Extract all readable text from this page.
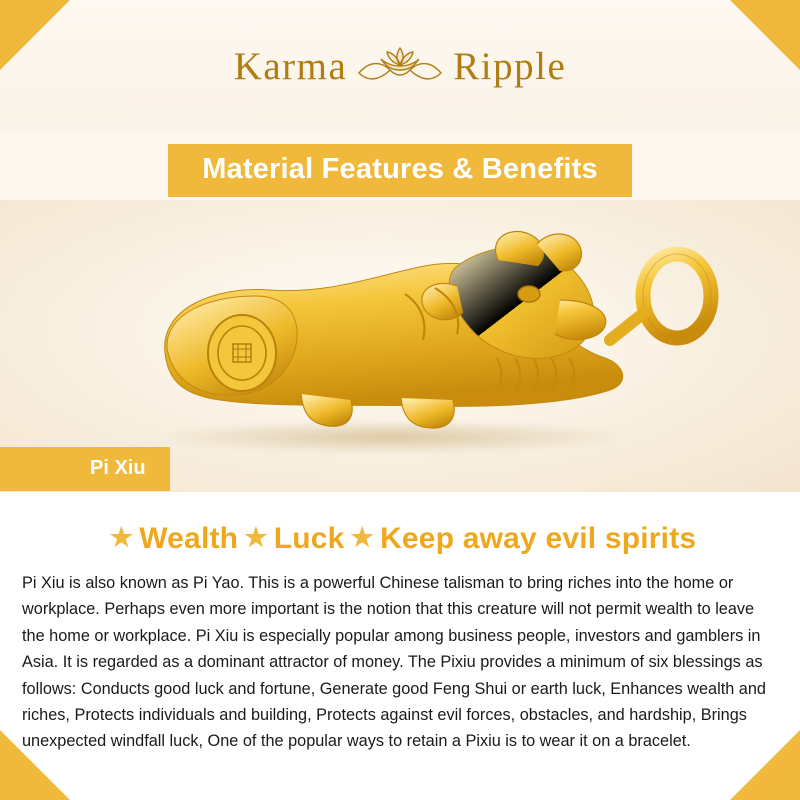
Karma	Ripple
Material Features & Benefits
Pi Xiu
★ Wealth ★ Luck ★ Keep away evil spirits

Pi Xiu is also known as Pi Yao. This is a powerful Chinese talisman to bring riches into the home or workplace. Perhaps even more important is the notion that this creature will not permit wealth to leave the home or workplace. Pi Xiu is especially popular among business people, investors and gamblers in Asia. It is regarded as a dominant attractor of money. The Pixiu provides a minimum of six blessings as follows: Conducts good luck and fortune, Generate good Feng Shui or earth luck, Enhances wealth and riches, Protects individuals and building, Protects against evil forces, obstacles, and hardship, Brings unexpected windfall luck, One of the popular ways to retain a Pixiu is to wear it on a bracelet.
